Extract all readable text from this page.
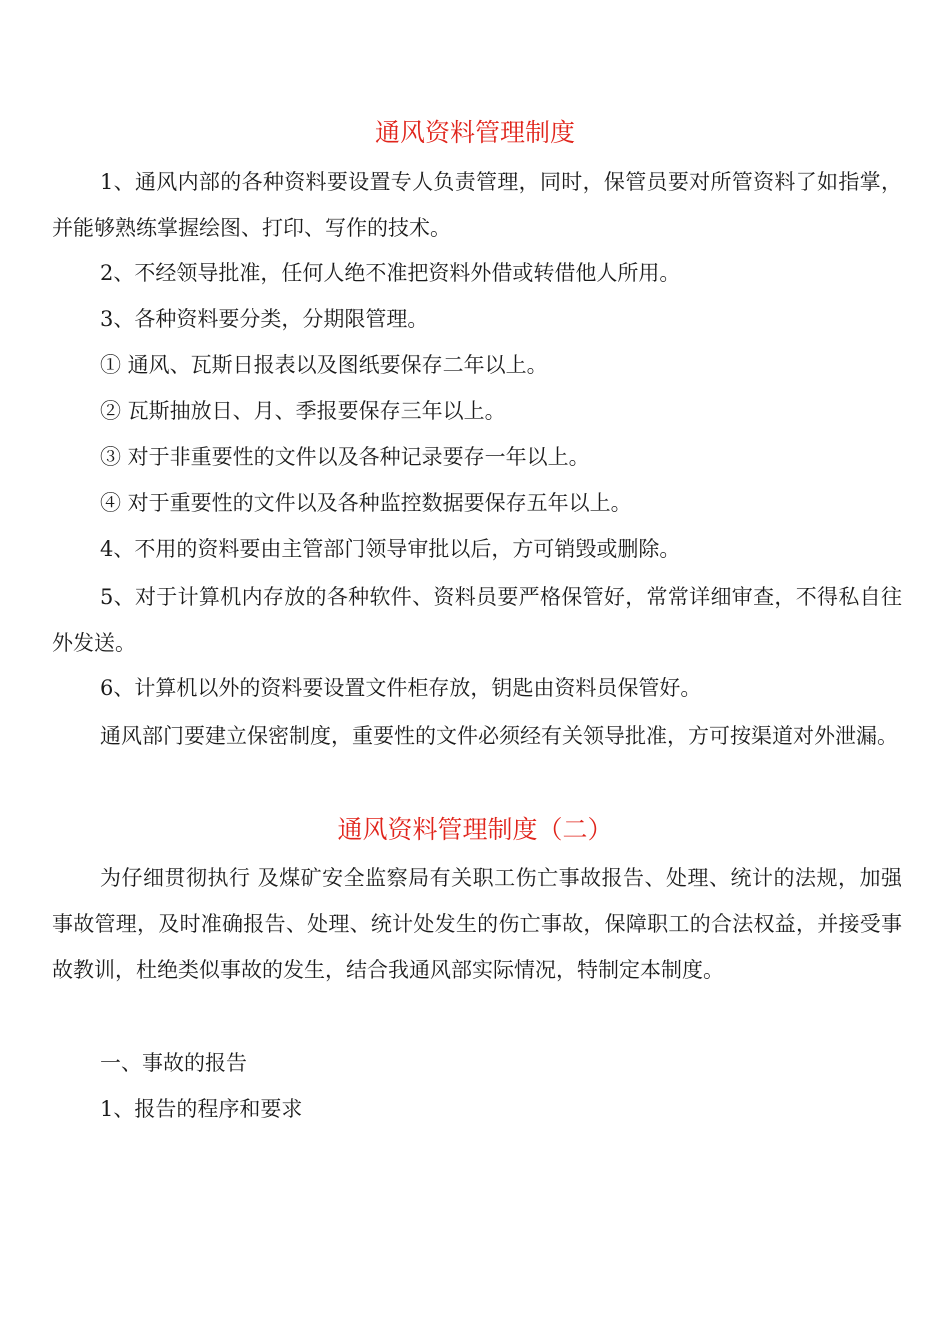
通风资料管理制度

1、通风内部的各种资料要设置专人负责管理，同时，保管员要对所管资料了如指掌，并能够熟练掌握绘图、打印、写作的技术。

2、不经领导批准，任何人绝不准把资料外借或转借他人所用。
3、各种资料要分类，分期限管理。
① 通风、瓦斯日报表以及图纸要保存二年以上。
② 瓦斯抽放日、月、季报要保存三年以上。
③ 对于非重要性的文件以及各种记录要存一年以上。
④ 对于重要性的文件以及各种监控数据要保存五年以上。
4、不用的资料要由主管部门领导审批以后，方可销毁或删除。

5、对于计算机内存放的各种软件、资料员要严格保管好，常常详细审查，不得私自往外发送。

6、计算机以外的资料要设置文件柜存放，钥匙由资料员保管好。

通风部门要建立保密制度，重要性的文件必须经有关领导批准，方可按渠道对外泄漏。

通风资料管理制度（二）

为仔细贯彻执行 及煤矿安全监察局有关职工伤亡事故报告、处理、统计的法规，加强事故管理，及时准确报告、处理、统计处发生的伤亡事故，保障职工的合法权益，并接受事故教训，杜绝类似事故的发生，结合我通风部实际情况，特制定本制度。

一、事故的报告
1、报告的程序和要求
